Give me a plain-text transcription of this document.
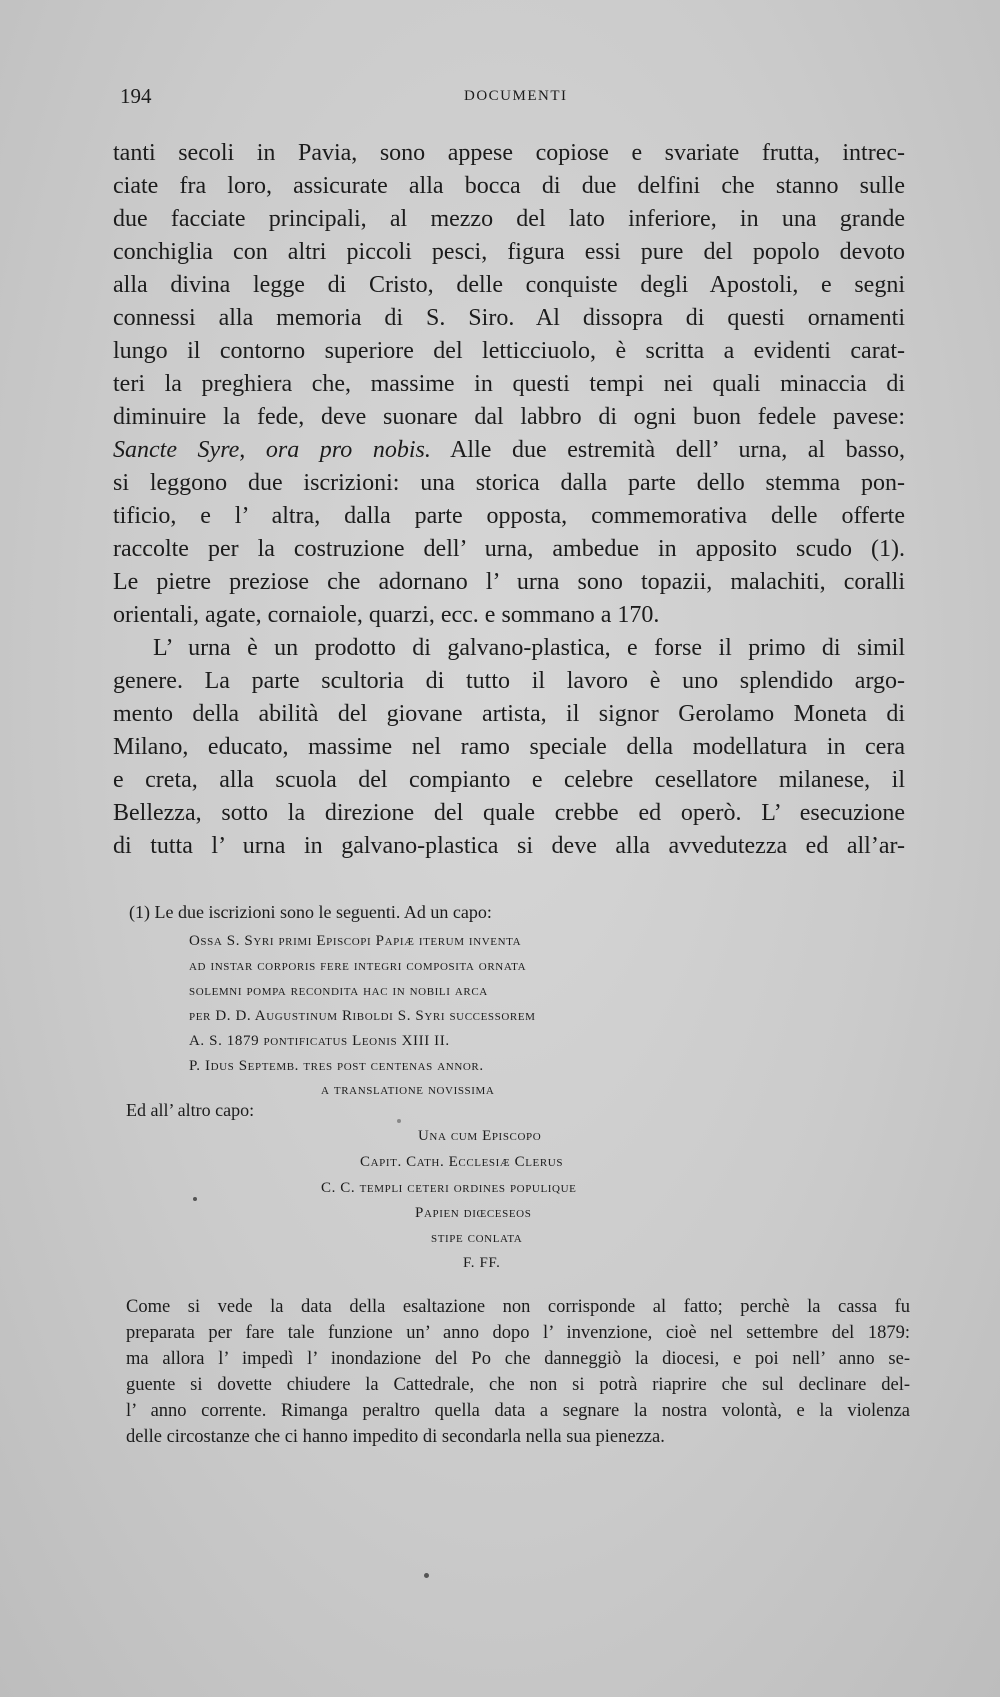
194	DOCUMENTI
tanti secoli in Pavia, sono appese copiose e svariate frutta, intrec-
ciate fra loro, assicurate alla bocca di due delfini che stanno sulle
due facciate principali, al mezzo del lato inferiore, in una grande
conchiglia con altri piccoli pesci, figura essi pure del popolo devoto
alla divina legge di Cristo, delle conquiste degli Apostoli, e segni
connessi alla memoria di S. Siro. Al dissopra di questi ornamenti
lungo il contorno superiore del letticciuolo, è scritta a evidenti carat-
teri la preghiera che, massime in questi tempi nei quali minaccia di
diminuire la fede, deve suonare dal labbro di ogni buon fedele pavese:
Sancte Syre, ora pro nobis. Alle due estremità dell’ urna, al basso,
si leggono due iscrizioni: una storica dalla parte dello stemma pon-
tificio, e l’ altra, dalla parte opposta, commemorativa delle offerte
raccolte per la costruzione dell’ urna, ambedue in apposito scudo (1).
Le pietre preziose che adornano l’ urna sono topazii, malachiti, coralli
orientali, agate, cornaiole, quarzi, ecc. e sommano a 170.
L’ urna è un prodotto di galvano-plastica, e forse il primo di simil
genere. La parte scultoria di tutto il lavoro è uno splendido argo-
mento della abilità del giovane artista, il signor Gerolamo Moneta di
Milano, educato, massime nel ramo speciale della modellatura in cera
e creta, alla scuola del compianto e celebre cesellatore milanese, il
Bellezza, sotto la direzione del quale crebbe ed operò. L’ esecuzione
di tutta l’ urna in galvano-plastica si deve alla avvedutezza ed all’ar-
(1) Le due iscrizioni sono le seguenti. Ad un capo:
Ossa S. Syri primi Episcopi Papiæ iterum inventa
ad instar corporis fere integri composita ornata
solemni pompa recondita hac in nobili arca
per D. D. Augustinum Riboldi S. Syri successorem
A. S. 1879 pontificatus Leonis XIII II.
P. Idus Septemb. tres post centenas annor.
a translatione novissima
Ed all’ altro capo:
Una cum Episcopo
Capit. Cath. Ecclesiæ Clerus
C. C. templi ceteri ordines populique
Papien diœceseos
stipe conlata
F. FF.
Come si vede la data della esaltazione non corrisponde al fatto; perchè la cassa fu
preparata per fare tale funzione un’ anno dopo l’ invenzione, cioè nel settembre del 1879:
ma allora l’ impedì l’ inondazione del Po che danneggiò la diocesi, e poi nell’ anno se-
guente si dovette chiudere la Cattedrale, che non si potrà riaprire che sul declinare del-
l’ anno corrente. Rimanga peraltro quella data a segnare la nostra volontà, e la violenza
delle circostanze che ci hanno impedito di secondarla nella sua pienezza.
